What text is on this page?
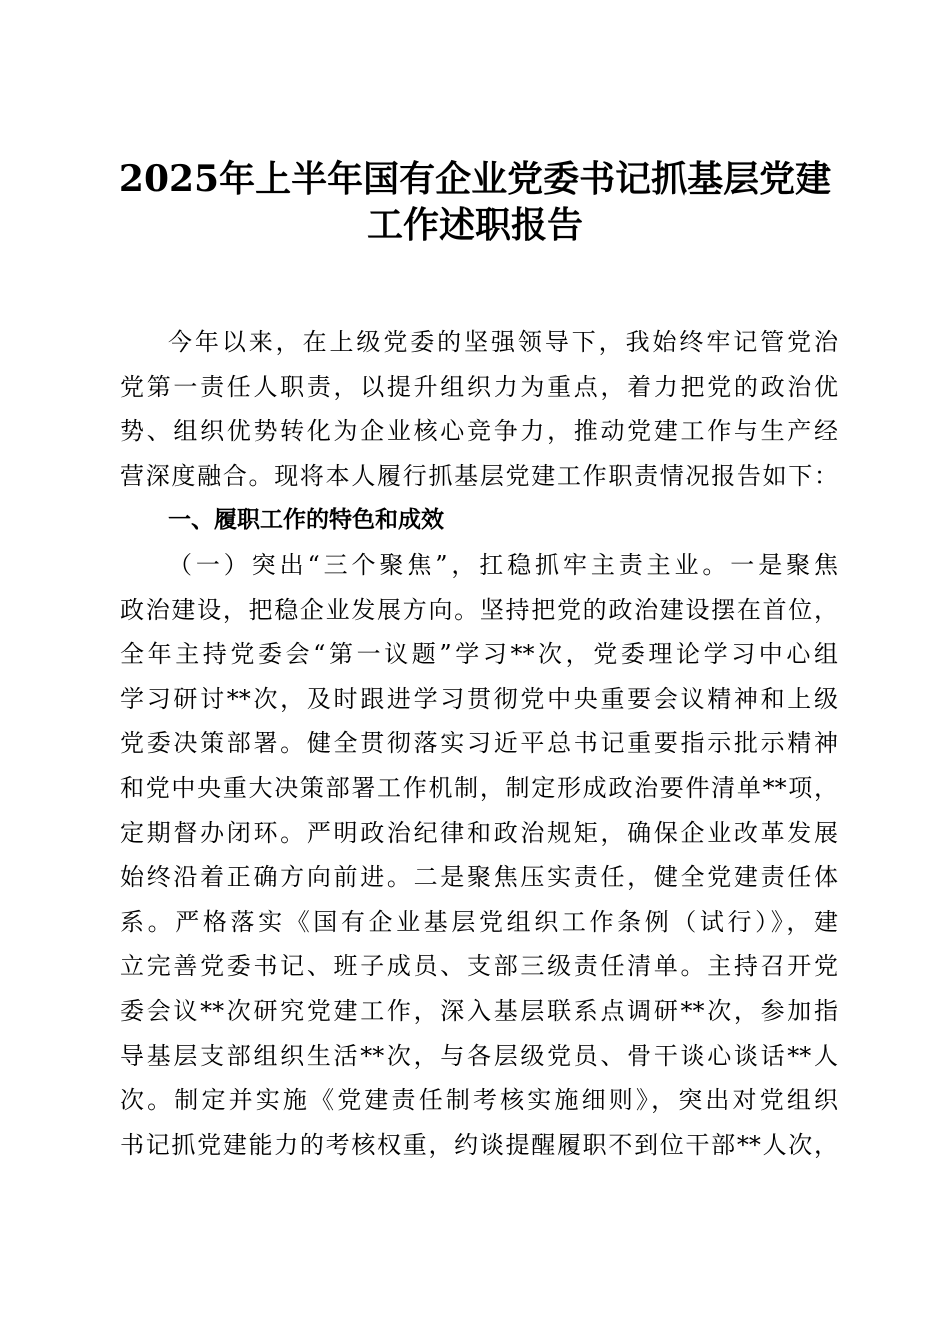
2025年上半年国有企业党委书记抓基层党建
工作述职报告
今年以来，在上级党委的坚强领导下，我始终牢记管党治
党第一责任人职责，以提升组织力为重点，着力把党的政治优
势、组织优势转化为企业核心竞争力，推动党建工作与生产经
营深度融合。现将本人履行抓基层党建工作职责情况报告如下：
一、履职工作的特色和成效
（一）突出“三个聚焦”，扛稳抓牢主责主业。一是聚焦
政治建设，把稳企业发展方向。坚持把党的政治建设摆在首位，
全年主持党委会“第一议题”学习**次，党委理论学习中心组
学习研讨**次，及时跟进学习贯彻党中央重要会议精神和上级
党委决策部署。健全贯彻落实习近平总书记重要指示批示精神
和党中央重大决策部署工作机制，制定形成政治要件清单**项，
定期督办闭环。严明政治纪律和政治规矩，确保企业改革发展
始终沿着正确方向前进。二是聚焦压实责任，健全党建责任体
系。严格落实《国有企业基层党组织工作条例（试行）》，建
立完善党委书记、班子成员、支部三级责任清单。主持召开党
委会议**次研究党建工作，深入基层联系点调研**次，参加指
导基层支部组织生活**次，与各层级党员、骨干谈心谈话**人
次。制定并实施《党建责任制考核实施细则》，突出对党组织
书记抓党建能力的考核权重，约谈提醒履职不到位干部**人次，
